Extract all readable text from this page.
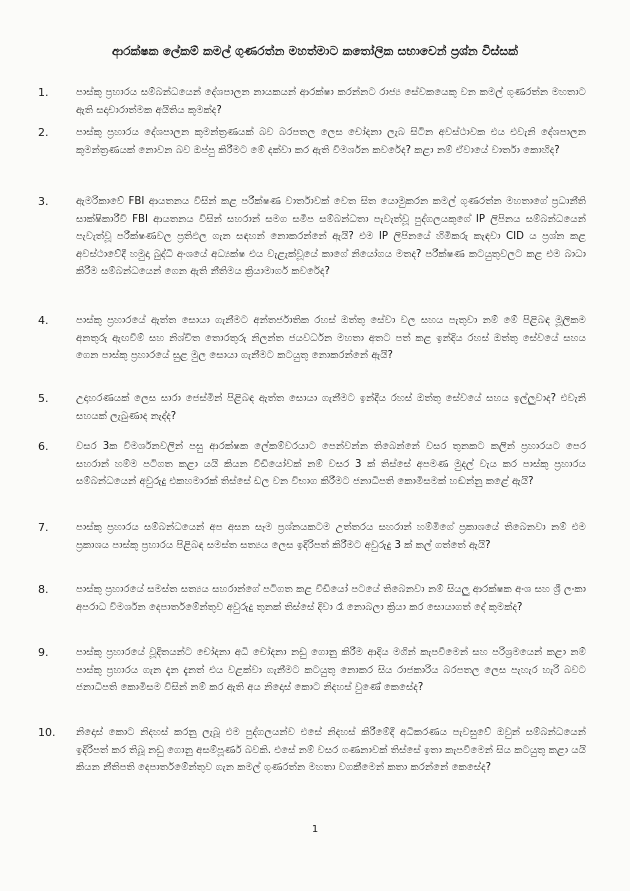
ආරක්ෂක ලේකම් කමල් ගුණරත්න මහත්මාට කතෝලික සභාවෙන් ප්‍රශ්න විස්සක්
1.	පාස්කු ප්‍රහාරය සම්බන්ධයෙන් දේශපාලන නායකයන් ආරක්ෂා කරන්නට රාජ්‍ය සේවකයෙකු වන කමල් ගුණරත්න මහතාට ඇති සදාචාරාත්මක අයිතිය කුමක්ද?
2.	පාස්කු ප්‍රහාරය දේශපාලන කුමන්ත්‍රණයක් බව බරපතල ලෙස චෝදනා ලැබ සිටින අවස්ථාවක එය එවැනි දේශපාලන කුමන්ත්‍රණයක් නොවන බව ඔප්පු කිරීමට මේ දක්වා කර ඇති විමර්ශන කවරේද? කළා නම් ඒවායේ වාර්තා කොහිද?
3.	ඇමරිකාවේ FBI ආයතනය විසින් කළ පරීක්ෂණ වාර්තාවක් වෙත සිත යොමුකරන කමල් ගුණරත්න මහතාගේ ප්‍රධානීති සාක්ෂිකාරීවි FBI ආයතනය විසින් සහරාන් සමග සමීප සම්බන්ධතා පැවැත්වූ පුද්ගලයකුගේ IP ලිපිනය සම්බන්ධයෙන් පැවැත්වූ පරීක්ෂණවල ප්‍රතිඵල ගැන සඳහන් නොකරන්නේ ඇයි? එම IP ලිපිනයේ හිමිකරු කැඳවා CID ය ප්‍රශ්න කළ අවස්ථාවේදී හමුදා බුද්ධි අංශයේ අධ්‍යක්ෂ එය වැළැක්වූයේ කාගේ නියෝගය මතද? පරීක්ෂණ කටයුතුවලට කළ එම බාධා කිරීම සම්බන්ධයෙන් ගෙන ඇති නීතිමය ක්‍රියාමාර්ග කවරේද?
4.	පාස්කු ප්‍රහාරයේ ඇත්ත සොයා ගැනීමට අන්තර්ජාතික රහස් ඔත්තු සේවා වල සහය පැතුවා නම් මේ පිළිබඳ මූලිකම අනතුරු ඇඟවීම් සහ නිශ්චිත තොරතුරු නිලන්ත ජයවර්ධන මහතා අතට පත් කළ ඉන්දිය රහස් ඔත්තු සේවයේ සහය ගෙන පාස්කු ප්‍රහාරයේ සුළ මුල සොයා ගැනීමට කටයුතු නොකරන්නේ ඇයි?
5.	උදාහරණයක් ලෙස සාරා ජෙස්මින් පිළිබඳ ඇත්ත සොයා ගැනීමට ඉන්දීය රහස් ඔත්තු සේවයේ සහය ඉල්ලුවාද? එවැනි සහයක් ලැබුණාද නැද්ද?
6.	වසර 3ක විමර්ශනවලින් පසු ආරක්ෂක ලේකම්වරයාට පෙන්වන්න තිබෙන්නේ වසර තුනකට කලින් ප්‍රහාරයට පෙර සහරාන් හම්ම පටිගත කළා යයි කියන වීඩියෝවක් නම් වසර 3 ක් තිස්සේ අපමණ මුදල් වැය කර පාස්කු ප්‍රහාරය සම්බන්ධයෙන් අවුරුදු එකහමාරක් තිස්සේ ඩල වන විභාග කිරීමට ජනාධිපති කොමිසමක් හඬන්නු කළේ ඇයි?
7.	පාස්කු ප්‍රහාරය සම්බන්ධයෙන් අප අසන සෑම ප්‍රශ්නයකටම උත්තරය සහරාන් හම්මිගේ ප්‍රකාශයේ තිබෙනවා නම් එම ප්‍රකාශය පාස්කු ප්‍රහාරය පිළිබඳ සමස්ත සත්‍යය ලෙස ඉදිරිපත් කිරීමට අවුරුදු 3 ක් කල් ගත්තේ ඇයි?
8.	පාස්කු ප්‍රහාරයේ සමස්ත සත්‍යය සහරාන්ගේ පටිගත කළ වීඩියෝ පටයේ තිබෙනවා නම් සියලු ආරක්ෂක අංශ සහ ශ්‍රී ලංකා අපරාධ විමර්ශන දෙපාර්තමේන්තුව අවුරුදු තුනක් තිස්සේ දිවා රෑ නොබලා ක්‍රියා කර සොයාගත් දේ කුමක්ද?
9.	පාස්කු ප්‍රහාරයේ වූදිතයන්ට චෝදනා අධි චෝදනා නඩු ගොනු කිරීම ආදිය මගින් කැපවීමෙන් සහ පරිශ්‍රමයෙන් කළා නම් පාස්කු ප්‍රහාරය ගැන දැන දැනත් එය වළක්වා ගැනීමට කටයුතු නොකර සිය රාජකාරිය බරපතල ලෙස පැහැර හැරි බවට ජනාධිපති කොමිසම විසින් නම් කර ඇති අය නිදොස් කොට නිදහස් වුණේ කෙසේද?
10.	නිදොස් කොට නිදහස් කරනු ලැබූ එම පුද්ගලයන්ව එසේ නිදහස් කිරීමේදී අධිකරණය පැවසුවේ ඔවුන් සම්බන්ධයෙන් ඉදිරිපත් කර තිබූ නඩු ගොනු අසම්පූර්ණ බවකි. එසේ නම් වසර ගණනාවක් තිස්සේ ඉතා කැපවීමෙන් සිය කටයුතු කළා යයි කියන නීතිපති දෙපාර්තමේන්තුව ගැන කමල් ගුණරත්න මහතා වගකීමෙන් කතා කරන්නේ කෙසේද?
1
